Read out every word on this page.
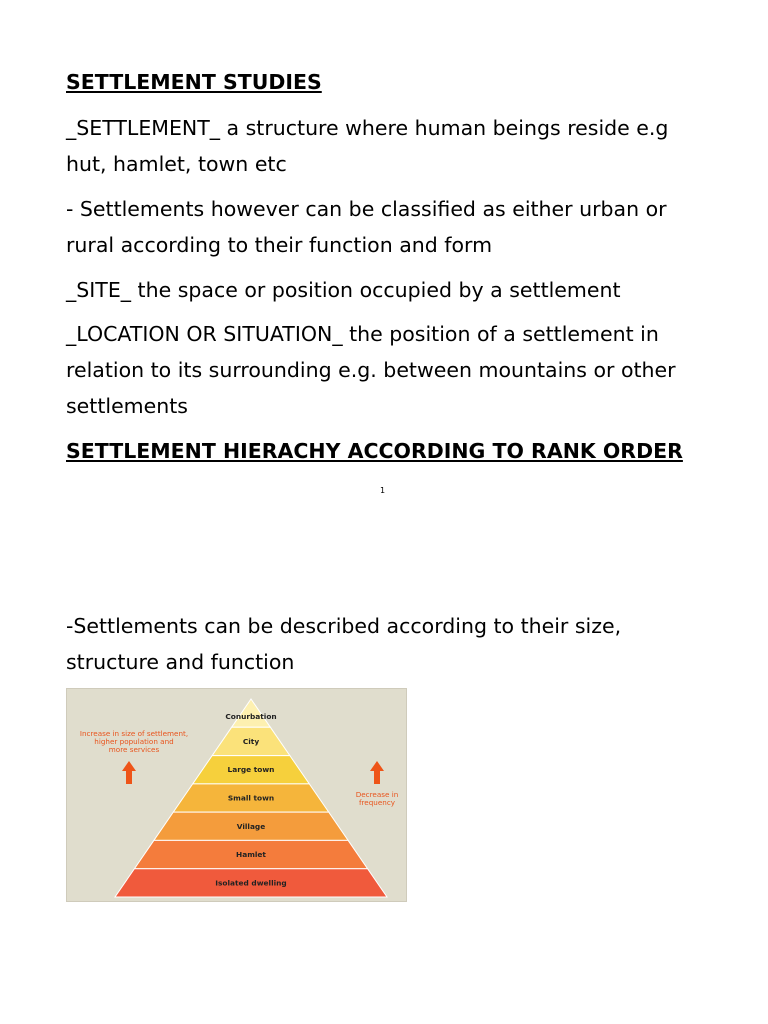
SETTLEMENT STUDIES

_SETTLEMENT_ a structure where human beings reside e.g

hut, hamlet, town etc

- Settlements however can be classified as either urban or

rural according to their function and form

_SITE_ the space or position occupied by a settlement

_LOCATION OR SITUATION_ the position of a settlement in

relation to its surrounding e.g. between mountains or other

settlements

SETTLEMENT HIERACHY ACCORDING TO RANK ORDER

1

-Settlements can be described according to their size,

structure and function

Conurbation
City
Large town
Small town
Village
Hamlet
Isolated dwelling
Increase in size of settlement,
higher population and
more services
Decrease in
frequency
